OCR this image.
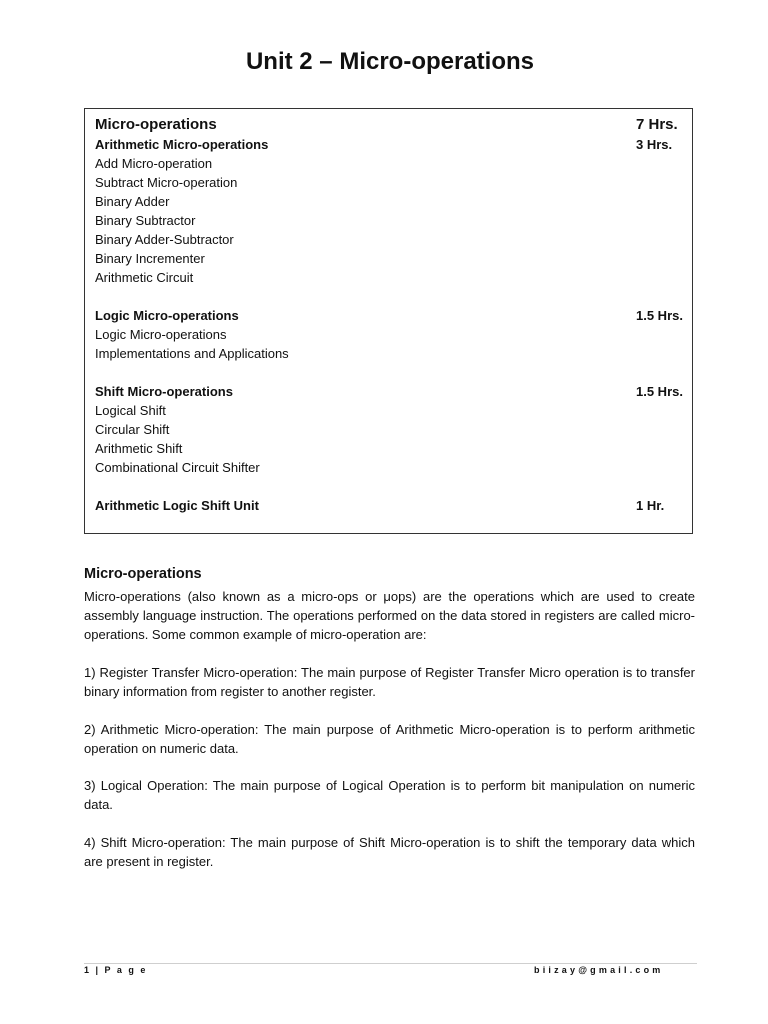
Unit 2 – Micro-operations
Micro-operations	7 Hrs.
Arithmetic Micro-operations	3 Hrs.
Add Micro-operation
Subtract Micro-operation
Binary Adder
Binary Subtractor
Binary Adder-Subtractor
Binary Incrementer
Arithmetic Circuit
Logic Micro-operations	1.5 Hrs.
Logic Micro-operations
Implementations and Applications
Shift Micro-operations	1.5 Hrs.
Logical Shift
Circular Shift
Arithmetic Shift
Combinational Circuit Shifter
Arithmetic Logic Shift Unit	1 Hr.
Micro-operations

Micro-operations (also known as a micro-ops or μops) are the operations which are used to create assembly language instruction. The operations performed on the data stored in registers are called micro-operations. Some common example of micro-operation are:

1) Register Transfer Micro-operation: The main purpose of Register Transfer Micro operation is to transfer binary information from register to another register.

2) Arithmetic Micro-operation: The main purpose of Arithmetic Micro-operation is to perform arithmetic operation on numeric data.

3) Logical Operation: The main purpose of Logical Operation is to perform bit manipulation on numeric data.

4) Shift Micro-operation: The main purpose of Shift Micro-operation is to shift the temporary data which are present in register.

1 | P a g e	biizay@gmail.com
